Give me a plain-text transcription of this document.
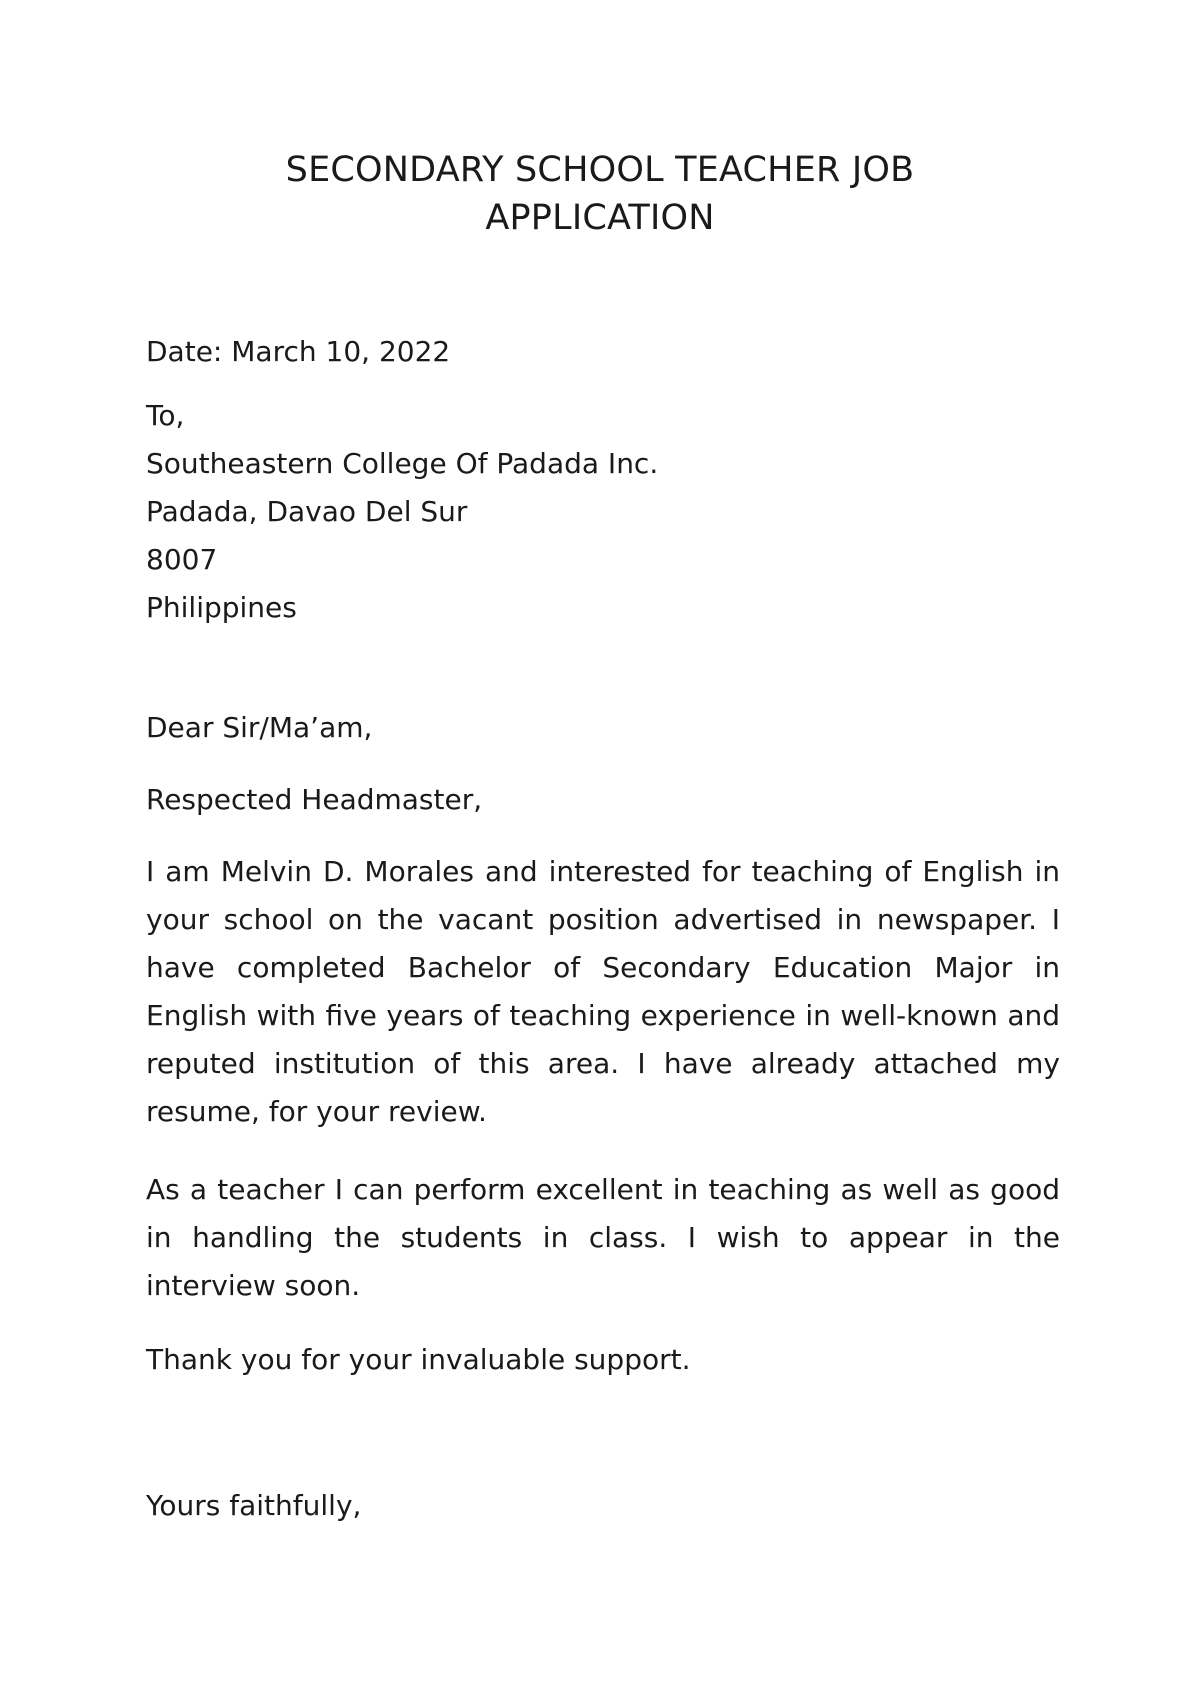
SECONDARY SCHOOL TEACHER JOB
APPLICATION

Date: March 10, 2022

To,

Southeastern College Of Padada Inc.

Padada, Davao Del Sur

8007

Philippines

Dear Sir/Ma’am,

Respected Headmaster,

I am Melvin D. Morales and interested for teaching of English in your school on the vacant position advertised in newspaper. I have completed Bachelor of Secondary Education Major in English with five years of teaching experience in well-known and reputed institution of this area. I have already attached my resume, for your review.

As a teacher I can perform excellent in teaching as well as good in handling the students in class. I wish to appear in the interview soon.

Thank you for your invaluable support.

Yours faithfully,
